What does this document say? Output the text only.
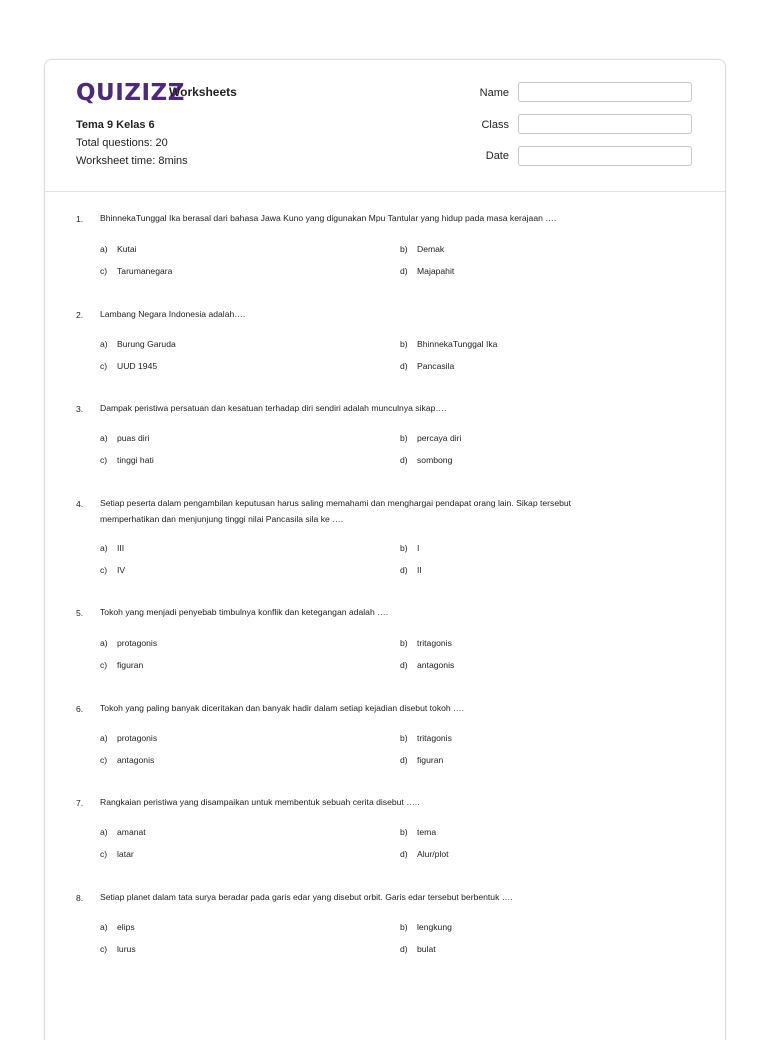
QUIZIZZ
Worksheets
Tema 9 Kelas 6
Total questions: 20
Worksheet time: 8mins
Name
Class
Date
1. BhinnekaTunggal Ika berasal dari bahasa Jawa Kuno yang digunakan Mpu Tantular yang hidup pada masa kerajaan ….
a) Kutai	b) Demak
c) Tarumanegara	d) Majapahit
2. Lambang Negara Indonesia adalah….
a) Burung Garuda	b) BhinnekaTunggal Ika
c) UUD 1945	d) Pancasila
3. Dampak peristiwa persatuan dan kesatuan terhadap diri sendiri adalah munculnya sikap….
a) puas diri	b) percaya diri
c) tinggi hati	d) sombong
4. Setiap peserta dalam pengambilan keputusan harus saling memahami dan menghargai pendapat orang lain. Sikap tersebut
memperhatikan dan menjunjung tinggi nilai Pancasila sila ke ….
a) III	b) I
c) IV	d) II
5. Tokoh yang menjadi penyebab timbulnya konflik dan ketegangan adalah ….
a) protagonis	b) tritagonis
c) figuran	d) antagonis
6. Tokoh yang paling banyak diceritakan dan banyak hadir dalam setiap kejadian disebut tokoh ….
a) protagonis	b) tritagonis
c) antagonis	d) figuran
7. Rangkaian peristiwa yang disampaikan untuk membentuk sebuah cerita disebut …..
a) amanat	b) tema
c) latar	d) Alur/plot
8. Setiap planet dalam tata surya beradar pada garis edar yang disebut orbit. Garis edar tersebut berbentuk ….
a) elips	b) lengkung
c) lurus	d) bulat
